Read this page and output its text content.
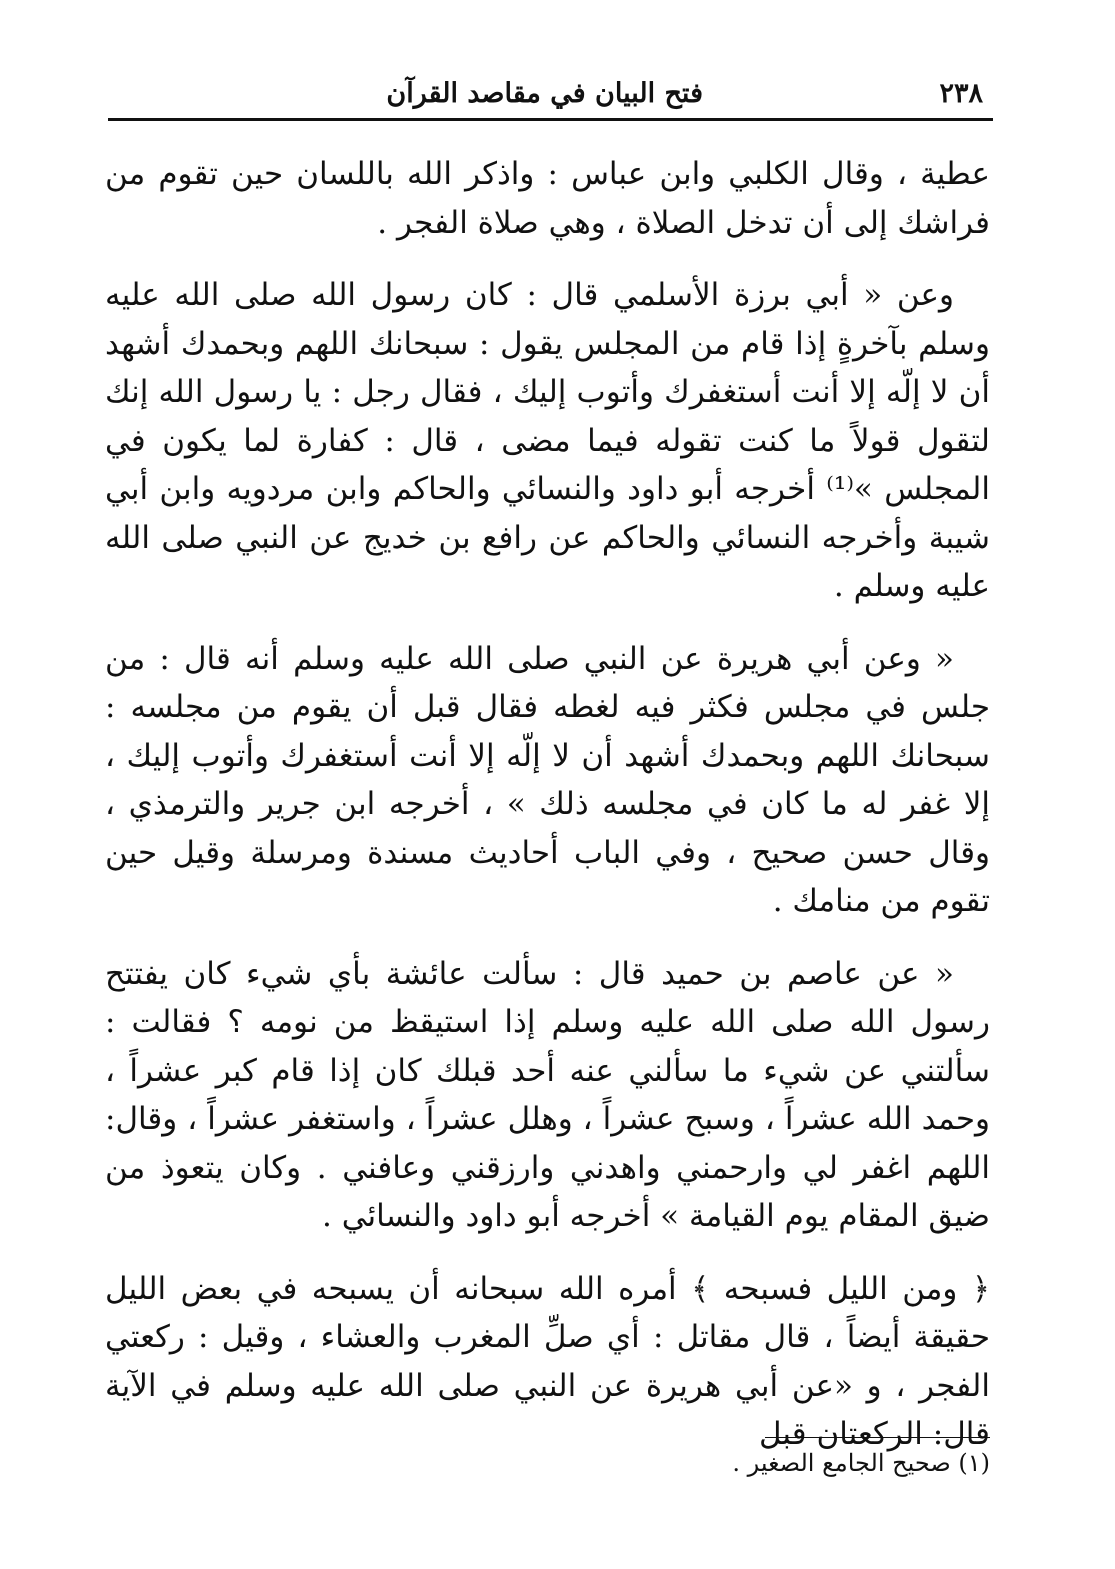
٢٣٨
فتح البيان في مقاصد القرآن

عطية ، وقال الكلبي وابن عباس : واذكر الله باللسان حين تقوم من فراشك إلى أن تدخل الصلاة ، وهي صلاة الفجر .

وعن « أبي برزة الأسلمي قال : كان رسول الله صلى الله عليه وسلم بآخرةٍ إذا قام من المجلس يقول : سبحانك اللهم وبحمدك أشهد أن لا إلّه إلا أنت أستغفرك وأتوب إليك ، فقال رجل : يا رسول الله إنك لتقول قولاً ما كنت تقوله فيما مضى ، قال : كفارة لما يكون في المجلس »⁽¹⁾ أخرجه أبو داود والنسائي والحاكم وابن مردويه وابن أبي شيبة وأخرجه النسائي والحاكم عن رافع بن خديج عن النبي صلى الله عليه وسلم .

« وعن أبي هريرة عن النبي صلى الله عليه وسلم أنه قال : من جلس في مجلس فكثر فيه لغطه فقال قبل أن يقوم من مجلسه : سبحانك اللهم وبحمدك أشهد أن لا إلّه إلا أنت أستغفرك وأتوب إليك ، إلا غفر له ما كان في مجلسه ذلك » ، أخرجه ابن جرير والترمذي ، وقال حسن صحيح ، وفي الباب أحاديث مسندة ومرسلة وقيل حين تقوم من منامك .

« عن عاصم بن حميد قال : سألت عائشة بأي شيء كان يفتتح رسول الله صلى الله عليه وسلم إذا استيقظ من نومه ؟ فقالت : سألتني عن شيء ما سألني عنه أحد قبلك كان إذا قام كبر عشراً ، وحمد الله عشراً ، وسبح عشراً ، وهلل عشراً ، واستغفر عشراً ، وقال: اللهم اغفر لي وارحمني واهدني وارزقني وعافني . وكان يتعوذ من ضيق المقام يوم القيامة » أخرجه أبو داود والنسائي .

﴿ ومن الليل فسبحه ﴾ أمره الله سبحانه أن يسبحه في بعض الليل حقيقة أيضاً ، قال مقاتل : أي صلِّ المغرب والعشاء ، وقيل : ركعتي الفجر ، و «عن أبي هريرة عن النبي صلى الله عليه وسلم في الآية قال: الركعتان قبل

(١) صحيح الجامع الصغير .
